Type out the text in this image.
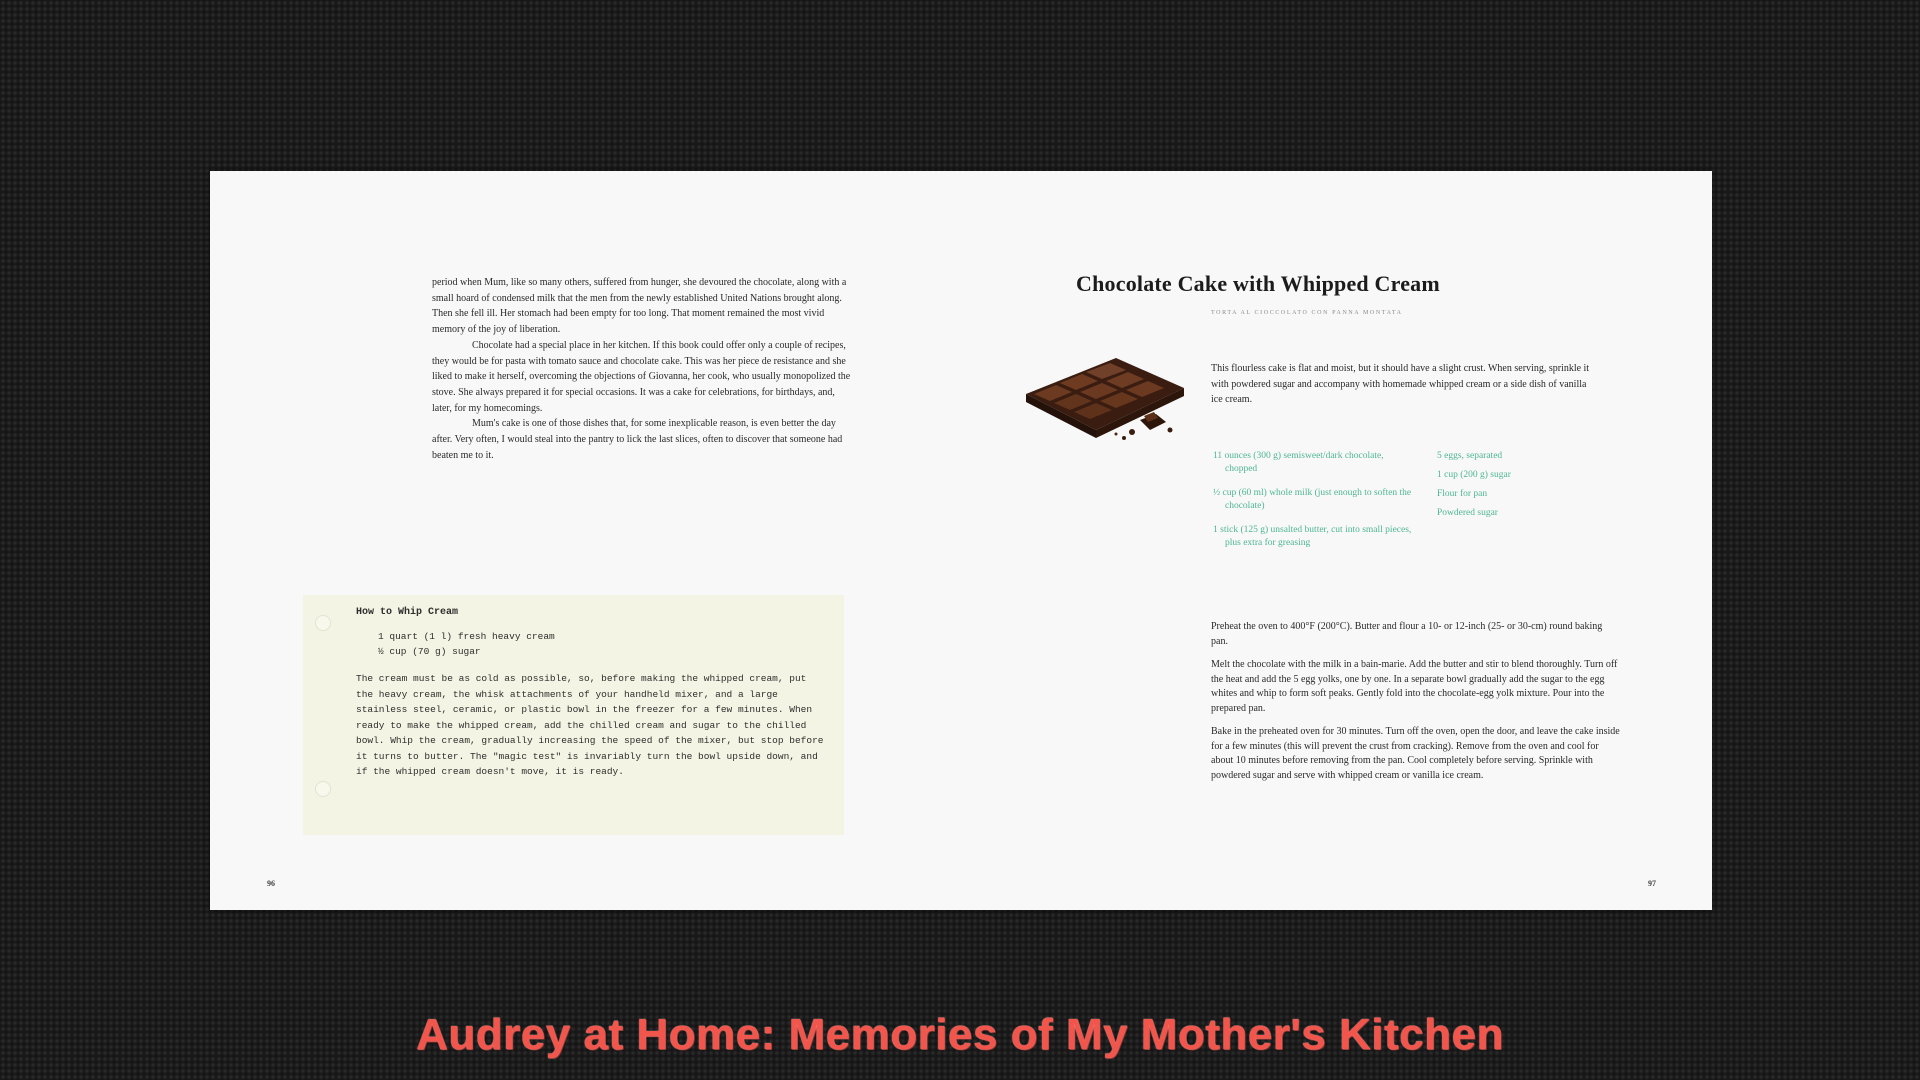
period when Mum, like so many others, suffered from hunger, she devoured the chocolate, along with a small hoard of condensed milk that the men from the newly established United Nations brought along. Then she fell ill. Her stomach had been empty for too long. That moment remained the most vivid memory of the joy of liberation.

Chocolate had a special place in her kitchen. If this book could offer only a couple of recipes, they would be for pasta with tomato sauce and chocolate cake. This was her piece de resistance and she liked to make it herself, overcoming the objections of Giovanna, her cook, who usually monopolized the stove. She always prepared it for special occasions. It was a cake for celebrations, for birthdays, and, later, for my homecomings.

Mum's cake is one of those dishes that, for some inexplicable reason, is even better the day after. Very often, I would steal into the pantry to lick the last slices, often to discover that someone had beaten me to it.

How to Whip Cream
1 quart (1 l) fresh heavy cream
½ cup (70 g) sugar
The cream must be as cold as possible, so, before making the whipped cream, put the heavy cream, the whisk attachments of your handheld mixer, and a large stainless steel, ceramic, or plastic bowl in the freezer for a few minutes. When ready to make the whipped cream, add the chilled cream and sugar to the chilled bowl. Whip the cream, gradually increasing the speed of the mixer, but stop before it turns to butter. The "magic test" is invariably turn the bowl upside down, and if the whipped cream doesn't move, it is ready.
96
Chocolate Cake with Whipped Cream
TORTA AL CIOCCOLATO CON PANNA MONTATA

This flourless cake is flat and moist, but it should have a slight crust. When serving, sprinkle it with powdered sugar and accompany with homemade whipped cream or a side dish of vanilla ice cream.

11 ounces (300 g) semisweet/dark chocolate, chopped

½ cup (60 ml) whole milk (just enough to soften the chocolate)

1 stick (125 g) unsalted butter, cut into small pieces, plus extra for greasing

5 eggs, separated

1 cup (200 g) sugar

Flour for pan

Powdered sugar

Preheat the oven to 400°F (200°C). Butter and flour a 10- or 12-inch (25- or 30-cm) round baking pan.

Melt the chocolate with the milk in a bain-marie. Add the butter and stir to blend thoroughly. Turn off the heat and add the 5 egg yolks, one by one. In a separate bowl gradually add the sugar to the egg whites and whip to form soft peaks. Gently fold into the chocolate-egg yolk mixture. Pour into the prepared pan.

Bake in the preheated oven for 30 minutes. Turn off the oven, open the door, and leave the cake inside for a few minutes (this will prevent the crust from cracking). Remove from the oven and cool for about 10 minutes before removing from the pan. Cool completely before serving. Sprinkle with powdered sugar and serve with whipped cream or vanilla ice cream.

97
Audrey at Home: Memories of My Mother's Kitchen
